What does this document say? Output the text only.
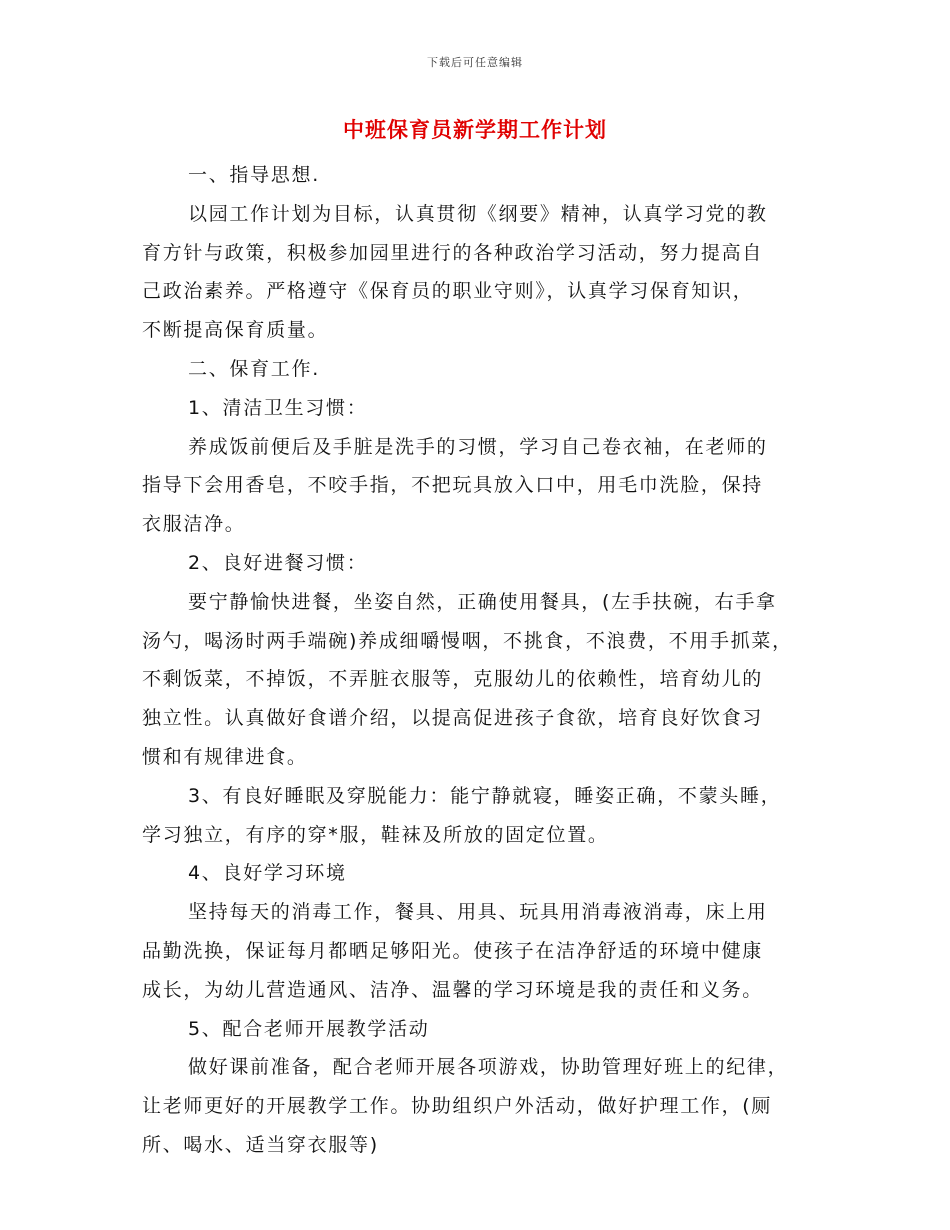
下载后可任意编辑
中班保育员新学期工作计划
一、指导思想.
以园工作计划为目标，认真贯彻《纲要》精神，认真学习党的教
育方针与政策，积极参加园里进行的各种政治学习活动，努力提高自
己政治素养。严格遵守《保育员的职业守则》，认真学习保育知识，
不断提高保育质量。
二、保育工作.
1、清洁卫生习惯：
养成饭前便后及手脏是洗手的习惯，学习自己卷衣袖，在老师的
指导下会用香皂，不咬手指，不把玩具放入口中，用毛巾洗脸，保持
衣服洁净。
2、良好进餐习惯：
要宁静愉快进餐，坐姿自然，正确使用餐具，(左手扶碗，右手拿
汤勺，喝汤时两手端碗)养成细嚼慢咽，不挑食，不浪费，不用手抓菜，
不剩饭菜，不掉饭，不弄脏衣服等，克服幼儿的依赖性，培育幼儿的
独立性。认真做好食谱介绍，以提高促进孩子食欲，培育良好饮食习
惯和有规律进食。
3、有良好睡眠及穿脱能力：能宁静就寝，睡姿正确，不蒙头睡，
学习独立，有序的穿*服，鞋袜及所放的固定位置。
4、良好学习环境
坚持每天的消毒工作，餐具、用具、玩具用消毒液消毒，床上用
品勤洗换，保证每月都晒足够阳光。使孩子在洁净舒适的环境中健康
成长，为幼儿营造通风、洁净、温馨的学习环境是我的责任和义务。
5、配合老师开展教学活动
做好课前准备，配合老师开展各项游戏，协助管理好班上的纪律，
让老师更好的开展教学工作。协助组织户外活动，做好护理工作，(厕
所、喝水、适当穿衣服等)
